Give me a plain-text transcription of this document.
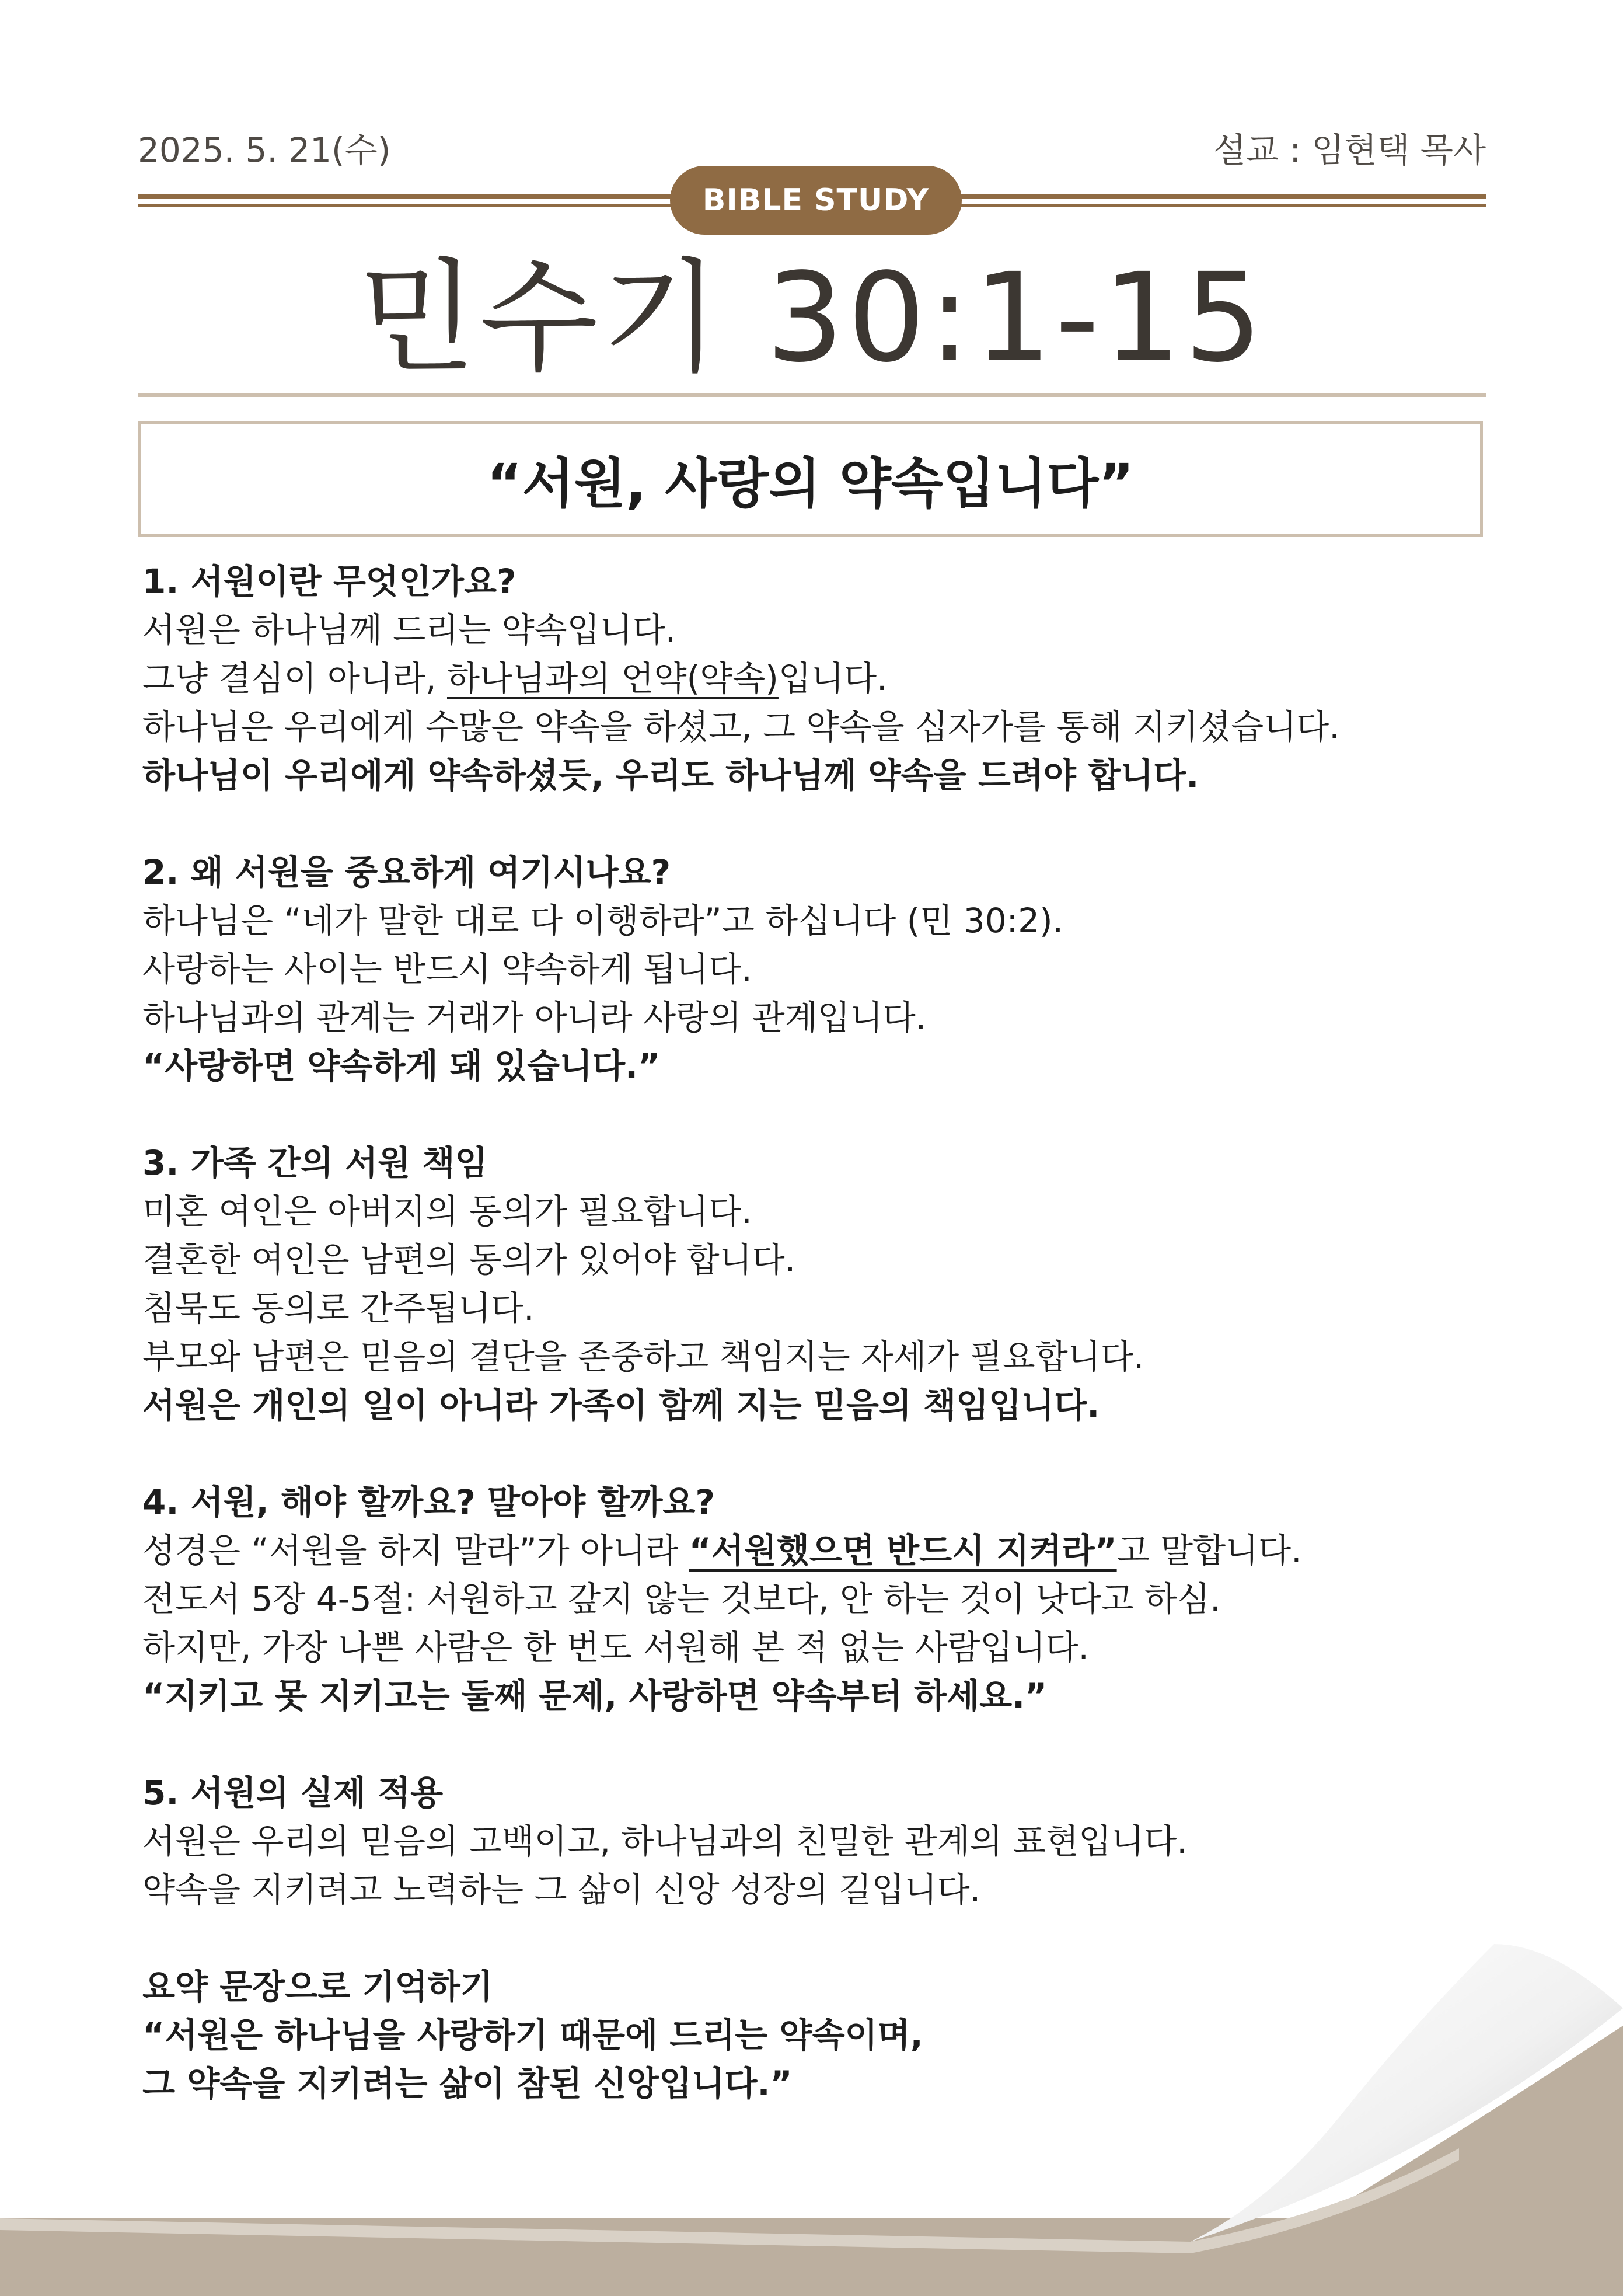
2025. 5. 21(수)	설교 : 임현택 목사
BIBLE STUDY
민수기 30:1-15
“서원, 사랑의 약속입니다”
1. 서원이란 무엇인가요?
서원은 하나님께 드리는 약속입니다.
그냥 결심이 아니라, 하나님과의 언약(약속)입니다.
하나님은 우리에게 수많은 약속을 하셨고, 그 약속을 십자가를 통해 지키셨습니다.
하나님이 우리에게 약속하셨듯, 우리도 하나님께 약속을 드려야 합니다.
2. 왜 서원을 중요하게 여기시나요?
하나님은 “네가 말한 대로 다 이행하라”고 하십니다 (민 30:2).
사랑하는 사이는 반드시 약속하게 됩니다.
하나님과의 관계는 거래가 아니라 사랑의 관계입니다.
“사랑하면 약속하게 돼 있습니다.”
3. 가족 간의 서원 책임
미혼 여인은 아버지의 동의가 필요합니다.
결혼한 여인은 남편의 동의가 있어야 합니다.
침묵도 동의로 간주됩니다.
부모와 남편은 믿음의 결단을 존중하고 책임지는 자세가 필요합니다.
서원은 개인의 일이 아니라 가족이 함께 지는 믿음의 책임입니다.
4. 서원, 해야 할까요? 말아야 할까요?
성경은 “서원을 하지 말라”가 아니라 “서원했으면 반드시 지켜라”고 말합니다.
전도서 5장 4-5절: 서원하고 갚지 않는 것보다, 안 하는 것이 낫다고 하심.
하지만, 가장 나쁜 사람은 한 번도 서원해 본 적 없는 사람입니다.
“지키고 못 지키고는 둘째 문제, 사랑하면 약속부터 하세요.”
5. 서원의 실제 적용
서원은 우리의 믿음의 고백이고, 하나님과의 친밀한 관계의 표현입니다.
약속을 지키려고 노력하는 그 삶이 신앙 성장의 길입니다.
요약 문장으로 기억하기
“서원은 하나님을 사랑하기 때문에 드리는 약속이며,
그 약속을 지키려는 삶이 참된 신앙입니다.”
